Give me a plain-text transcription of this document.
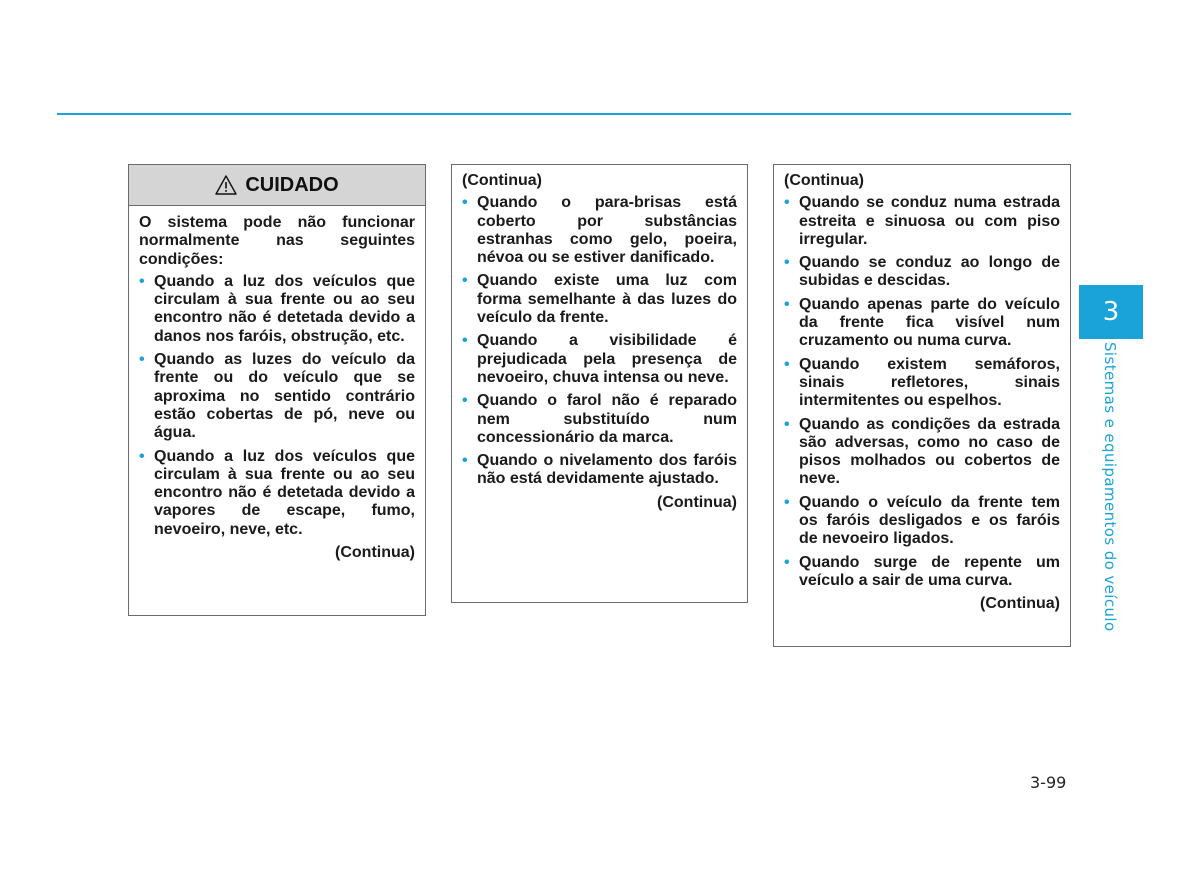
CUIDADO

O sistema pode não funcionar normalmente nas seguintes condições:

• Quando a luz dos veículos que circulam à sua frente ou ao seu encontro não é detetada devido a danos nos faróis, obstrução, etc.
• Quando as luzes do veículo da frente ou do veículo que se aproxima no sentido contrário estão cobertas de pó, neve ou água.
• Quando a luz dos veículos que circulam à sua frente ou ao seu encontro não é detetada devido a vapores de escape, fumo, nevoeiro, neve, etc.
(Continua)

(Continua)

• Quando o para-brisas está coberto por substâncias estranhas como gelo, poeira, névoa ou se estiver danificado.
• Quando existe uma luz com forma semelhante à das luzes do veículo da frente.
• Quando a visibilidade é prejudicada pela presença de nevoeiro, chuva intensa ou neve.
• Quando o farol não é reparado nem substituído num concessionário da marca.
• Quando o nivelamento dos faróis não está devidamente ajustado.
(Continua)

(Continua)

• Quando se conduz numa estrada estreita e sinuosa ou com piso irregular.
• Quando se conduz ao longo de subidas e descidas.
• Quando apenas parte do veículo da frente fica visível num cruzamento ou numa curva.
• Quando existem semáforos, sinais refletores, sinais intermitentes ou espelhos.
• Quando as condições da estrada são adversas, como no caso de pisos molhados ou cobertos de neve.
• Quando o veículo da frente tem os faróis desligados e os faróis de nevoeiro ligados.
• Quando surge de repente um veículo a sair de uma curva.
(Continua)
3
Sistemas e equipamentos do veículo
3-99
